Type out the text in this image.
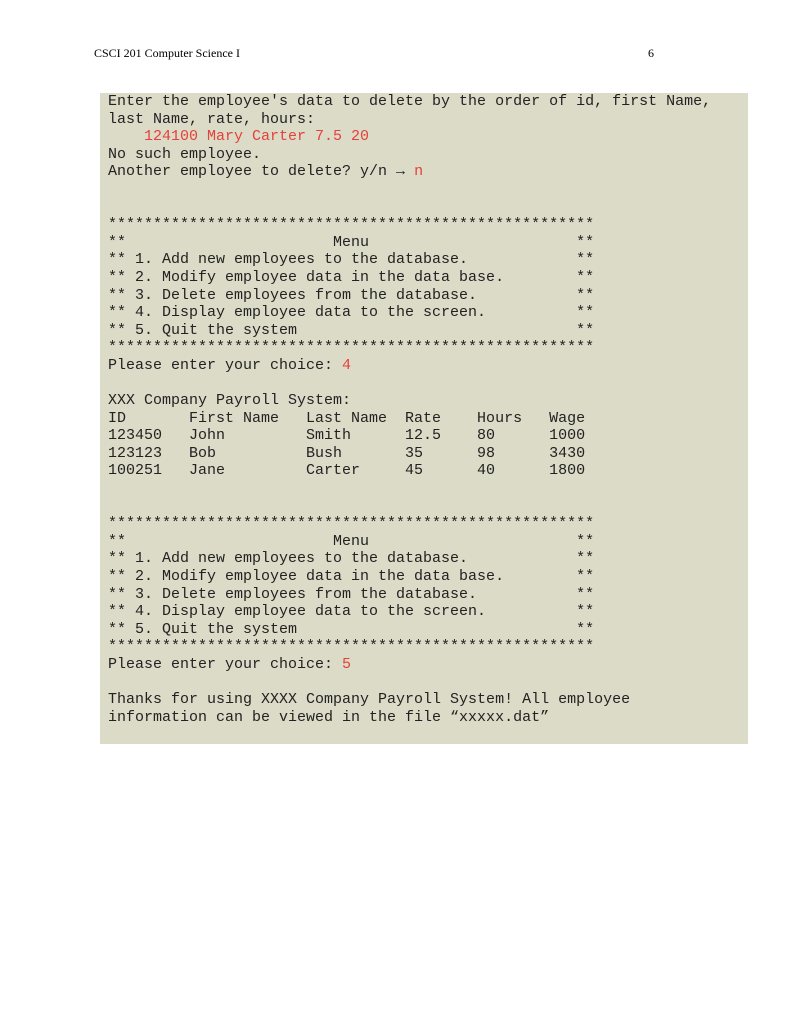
CSCI 201 Computer Science I	6
Enter the employee's data to delete by the order of id, first Name,
last Name, rate, hours:
124100 Mary Carter 7.5 20
No such employee.
Another employee to delete? y/n → n
******************************************************
**                       Menu                       **
** 1. Add new employees to the database.            **
** 2. Modify employee data in the data base.        **
** 3. Delete employees from the database.           **
** 4. Display employee data to the screen.          **
** 5. Quit the system                               **
******************************************************
Please enter your choice: 4
XXX Company Payroll System:
ID       First Name   Last Name  Rate    Hours   Wage
123450   John         Smith      12.5    80      1000
123123   Bob          Bush       35      98      3430
100251   Jane         Carter     45      40      1800
******************************************************
**                       Menu                       **
** 1. Add new employees to the database.            **
** 2. Modify employee data in the data base.        **
** 3. Delete employees from the database.           **
** 4. Display employee data to the screen.          **
** 5. Quit the system                               **
******************************************************
Please enter your choice: 5
Thanks for using XXXX Company Payroll System! All employee
information can be viewed in the file “xxxxx.dat”
